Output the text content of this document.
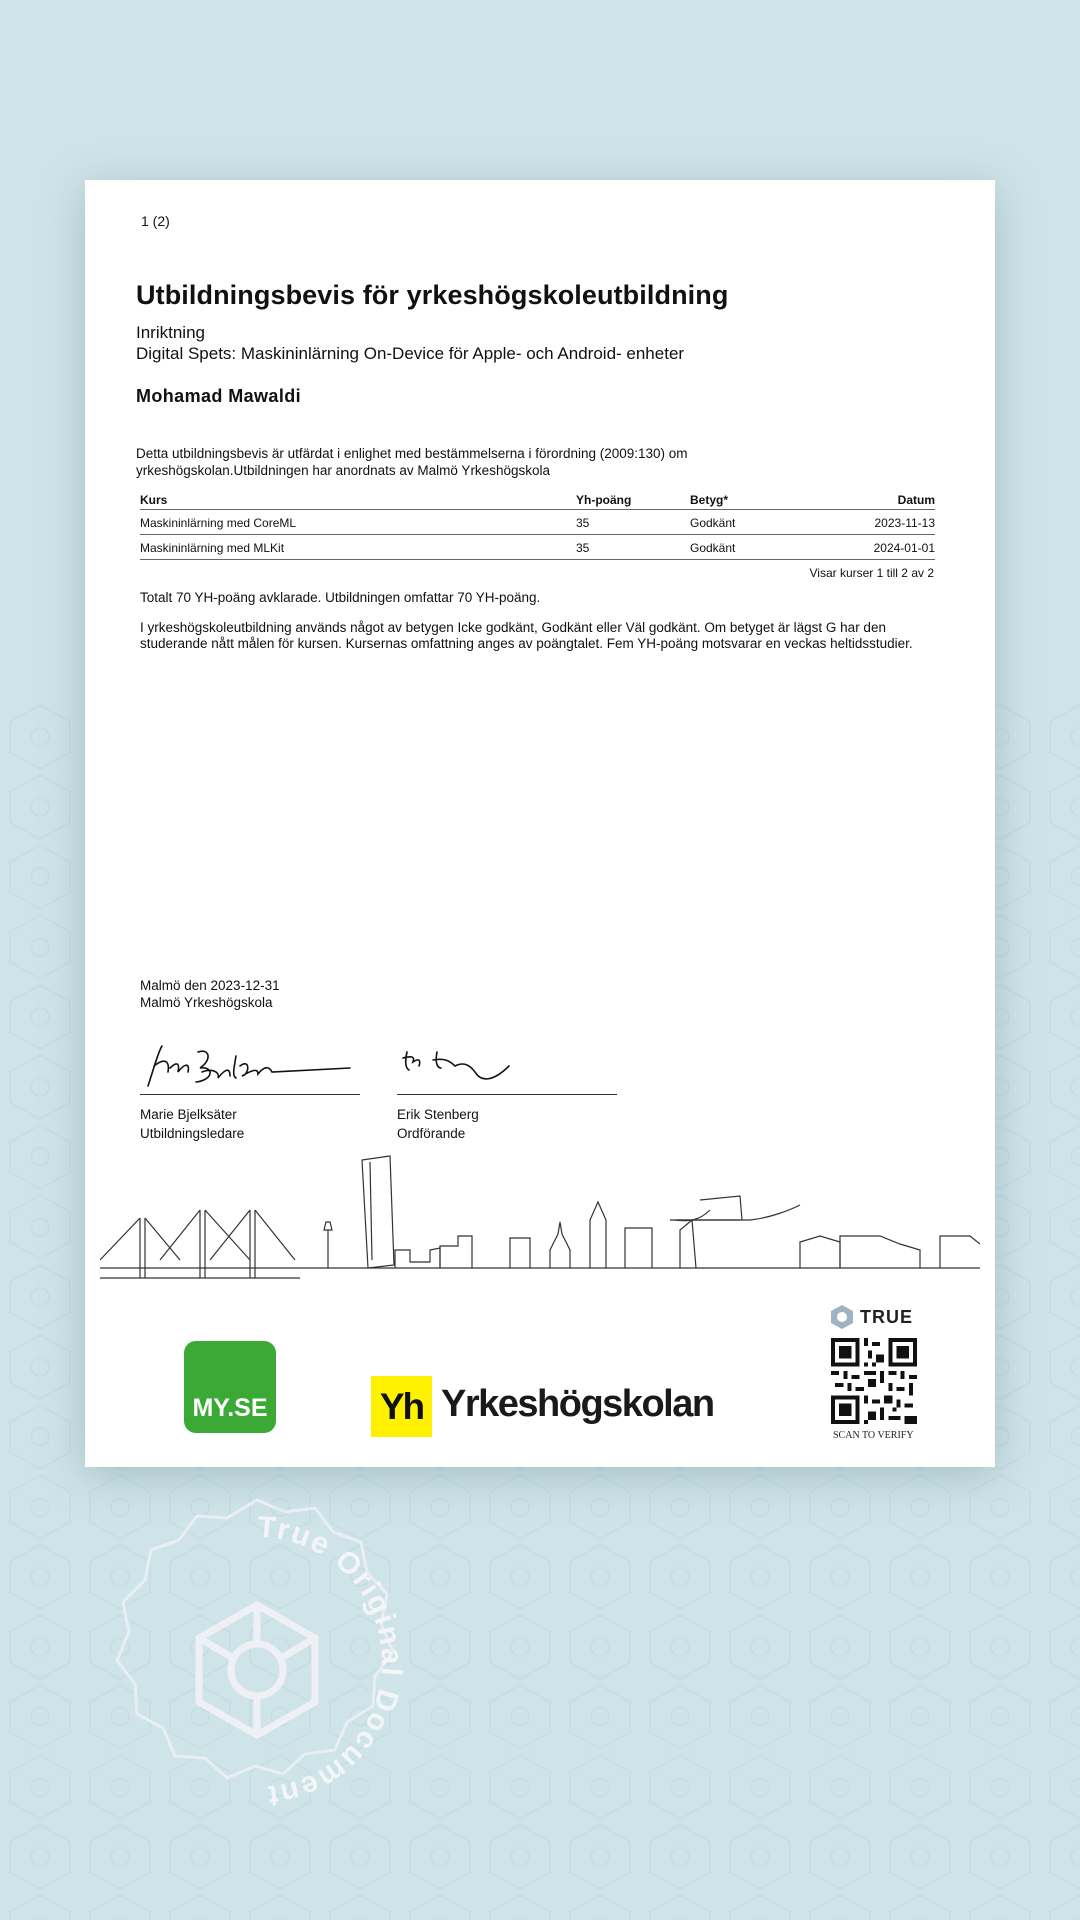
1 (2)
Utbildningsbevis för yrkeshögskoleutbildning
Inriktning
Digital Spets: Maskininlärning On-Device för Apple- och Android- enheter
Mohamad Mawaldi
Detta utbildningsbevis är utfärdat i enlighet med bestämmelserna i förordning (2009:130) om yrkeshögskolan.Utbildningen har anordnats av Malmö Yrkeshögskola
Kurs	Yh-poäng	Betyg*	Datum
Maskininlärning med CoreML	35	Godkänt	2023-11-13
Maskininlärning med MLKit	35	Godkänt	2024-01-01
Visar kurser 1 till 2 av 2
Totalt 70 YH-poäng avklarade. Utbildningen omfattar 70 YH-poäng.
I yrkeshögskoleutbildning används något av betygen Icke godkänt, Godkänt eller Väl godkänt. Om betyget är lägst G har den studerande nått målen för kursen. Kursernas omfattning anges av poängtalet. Fem YH-poäng motsvarar en veckas heltidsstudier.
Malmö den 2023-12-31
Malmö Yrkeshögskola
Marie Bjelksäter
Utbildningsledare
Erik Stenberg
Ordförande
MY.SE	Yh Yrkeshögskolan
TRUE
SCAN TO VERIFY
True Original Document
